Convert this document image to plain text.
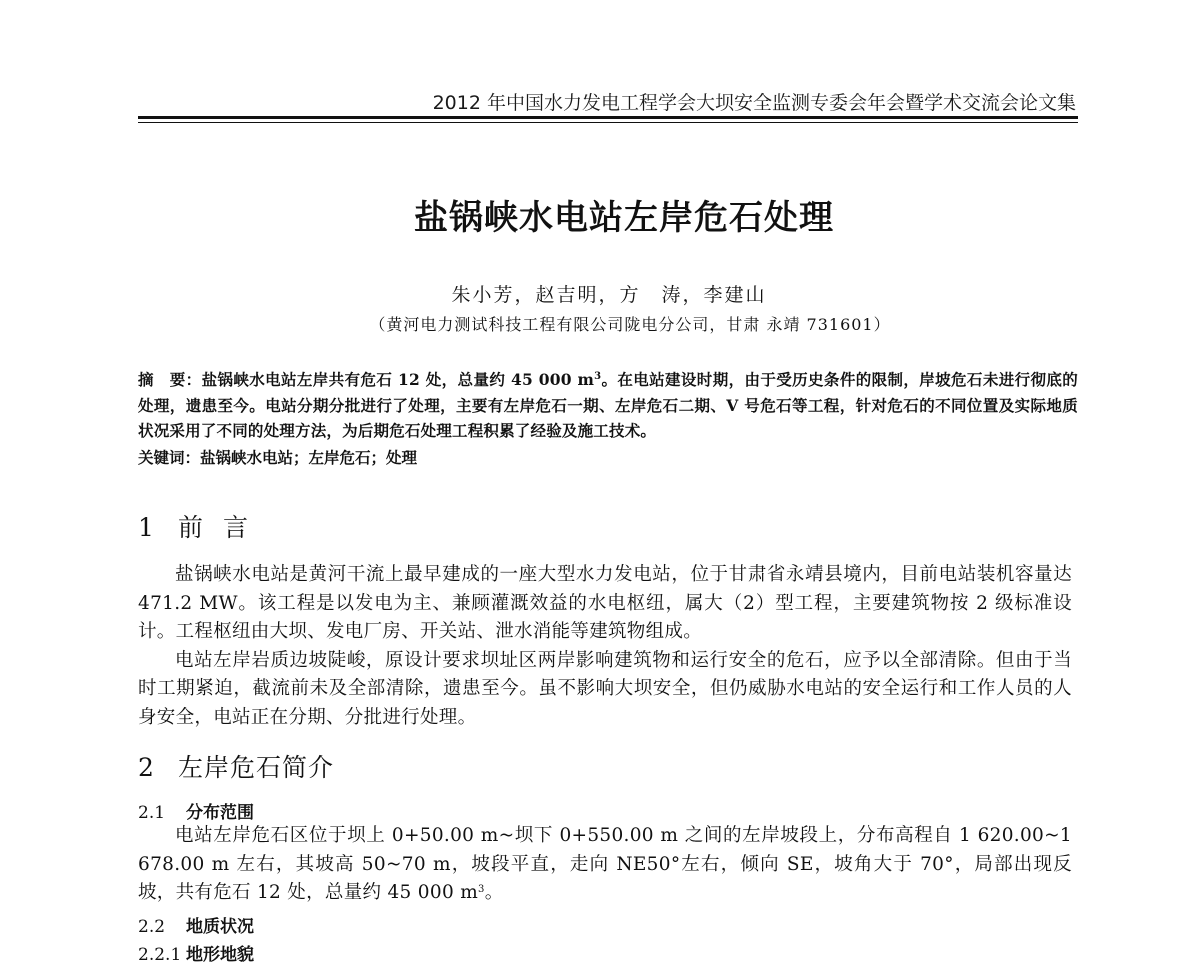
2012 年中国水力发电工程学会大坝安全监测专委会年会暨学术交流会论文集
盐锅峡水电站左岸危石处理
朱小芳，赵吉明，方　涛，李建山
（黄河电力测试科技工程有限公司陇电分公司，甘肃 永靖 731601）
摘　要：盐锅峡水电站左岸共有危石 12 处，总量约 45 000 $m^3$。在电站建设时期，由于受历史条件的限制，岸坡危石未进行彻底的处理，遗患至今。电站分期分批进行了处理，主要有左岸危石一期、左岸危石二期、V 号危石等工程，针对危石的不同位置及实际地质状况采用了不同的处理方法，为后期危石处理工程积累了经验及施工技术。
关键词：盐锅峡水电站；左岸危石；处理
1 前言

盐锅峡水电站是黄河干流上最早建成的一座大型水力发电站，位于甘肃省永靖县境内，目前电站装机容量达 471.2 MW。该工程是以发电为主、兼顾灌溉效益的水电枢纽，属大（2）型工程，主要建筑物按 2 级标准设计。工程枢纽由大坝、发电厂房、开关站、泄水消能等建筑物组成。

电站左岸岩质边坡陡峻，原设计要求坝址区两岸影响建筑物和运行安全的危石，应予以全部清除。但由于当时工期紧迫，截流前未及全部清除，遗患至今。虽不影响大坝安全，但仍威胁水电站的安全运行和工作人员的人身安全，电站正在分期、分批进行处理。

2 左岸危石简介
2.1 分布范围

电站左岸危石区位于坝上 0+50.00 m~坝下 0+550.00 m 之间的左岸坡段上，分布高程自 1 620.00~1 678.00 m 左右，其坡高 50~70 m，坡段平直，走向 NE50°左右，倾向 SE，坡角大于 70°，局部出现反坡，共有危石 12 处，总量约 45 000 $m^3$。

2.2 地质状况
2.2.1 地形地貌
